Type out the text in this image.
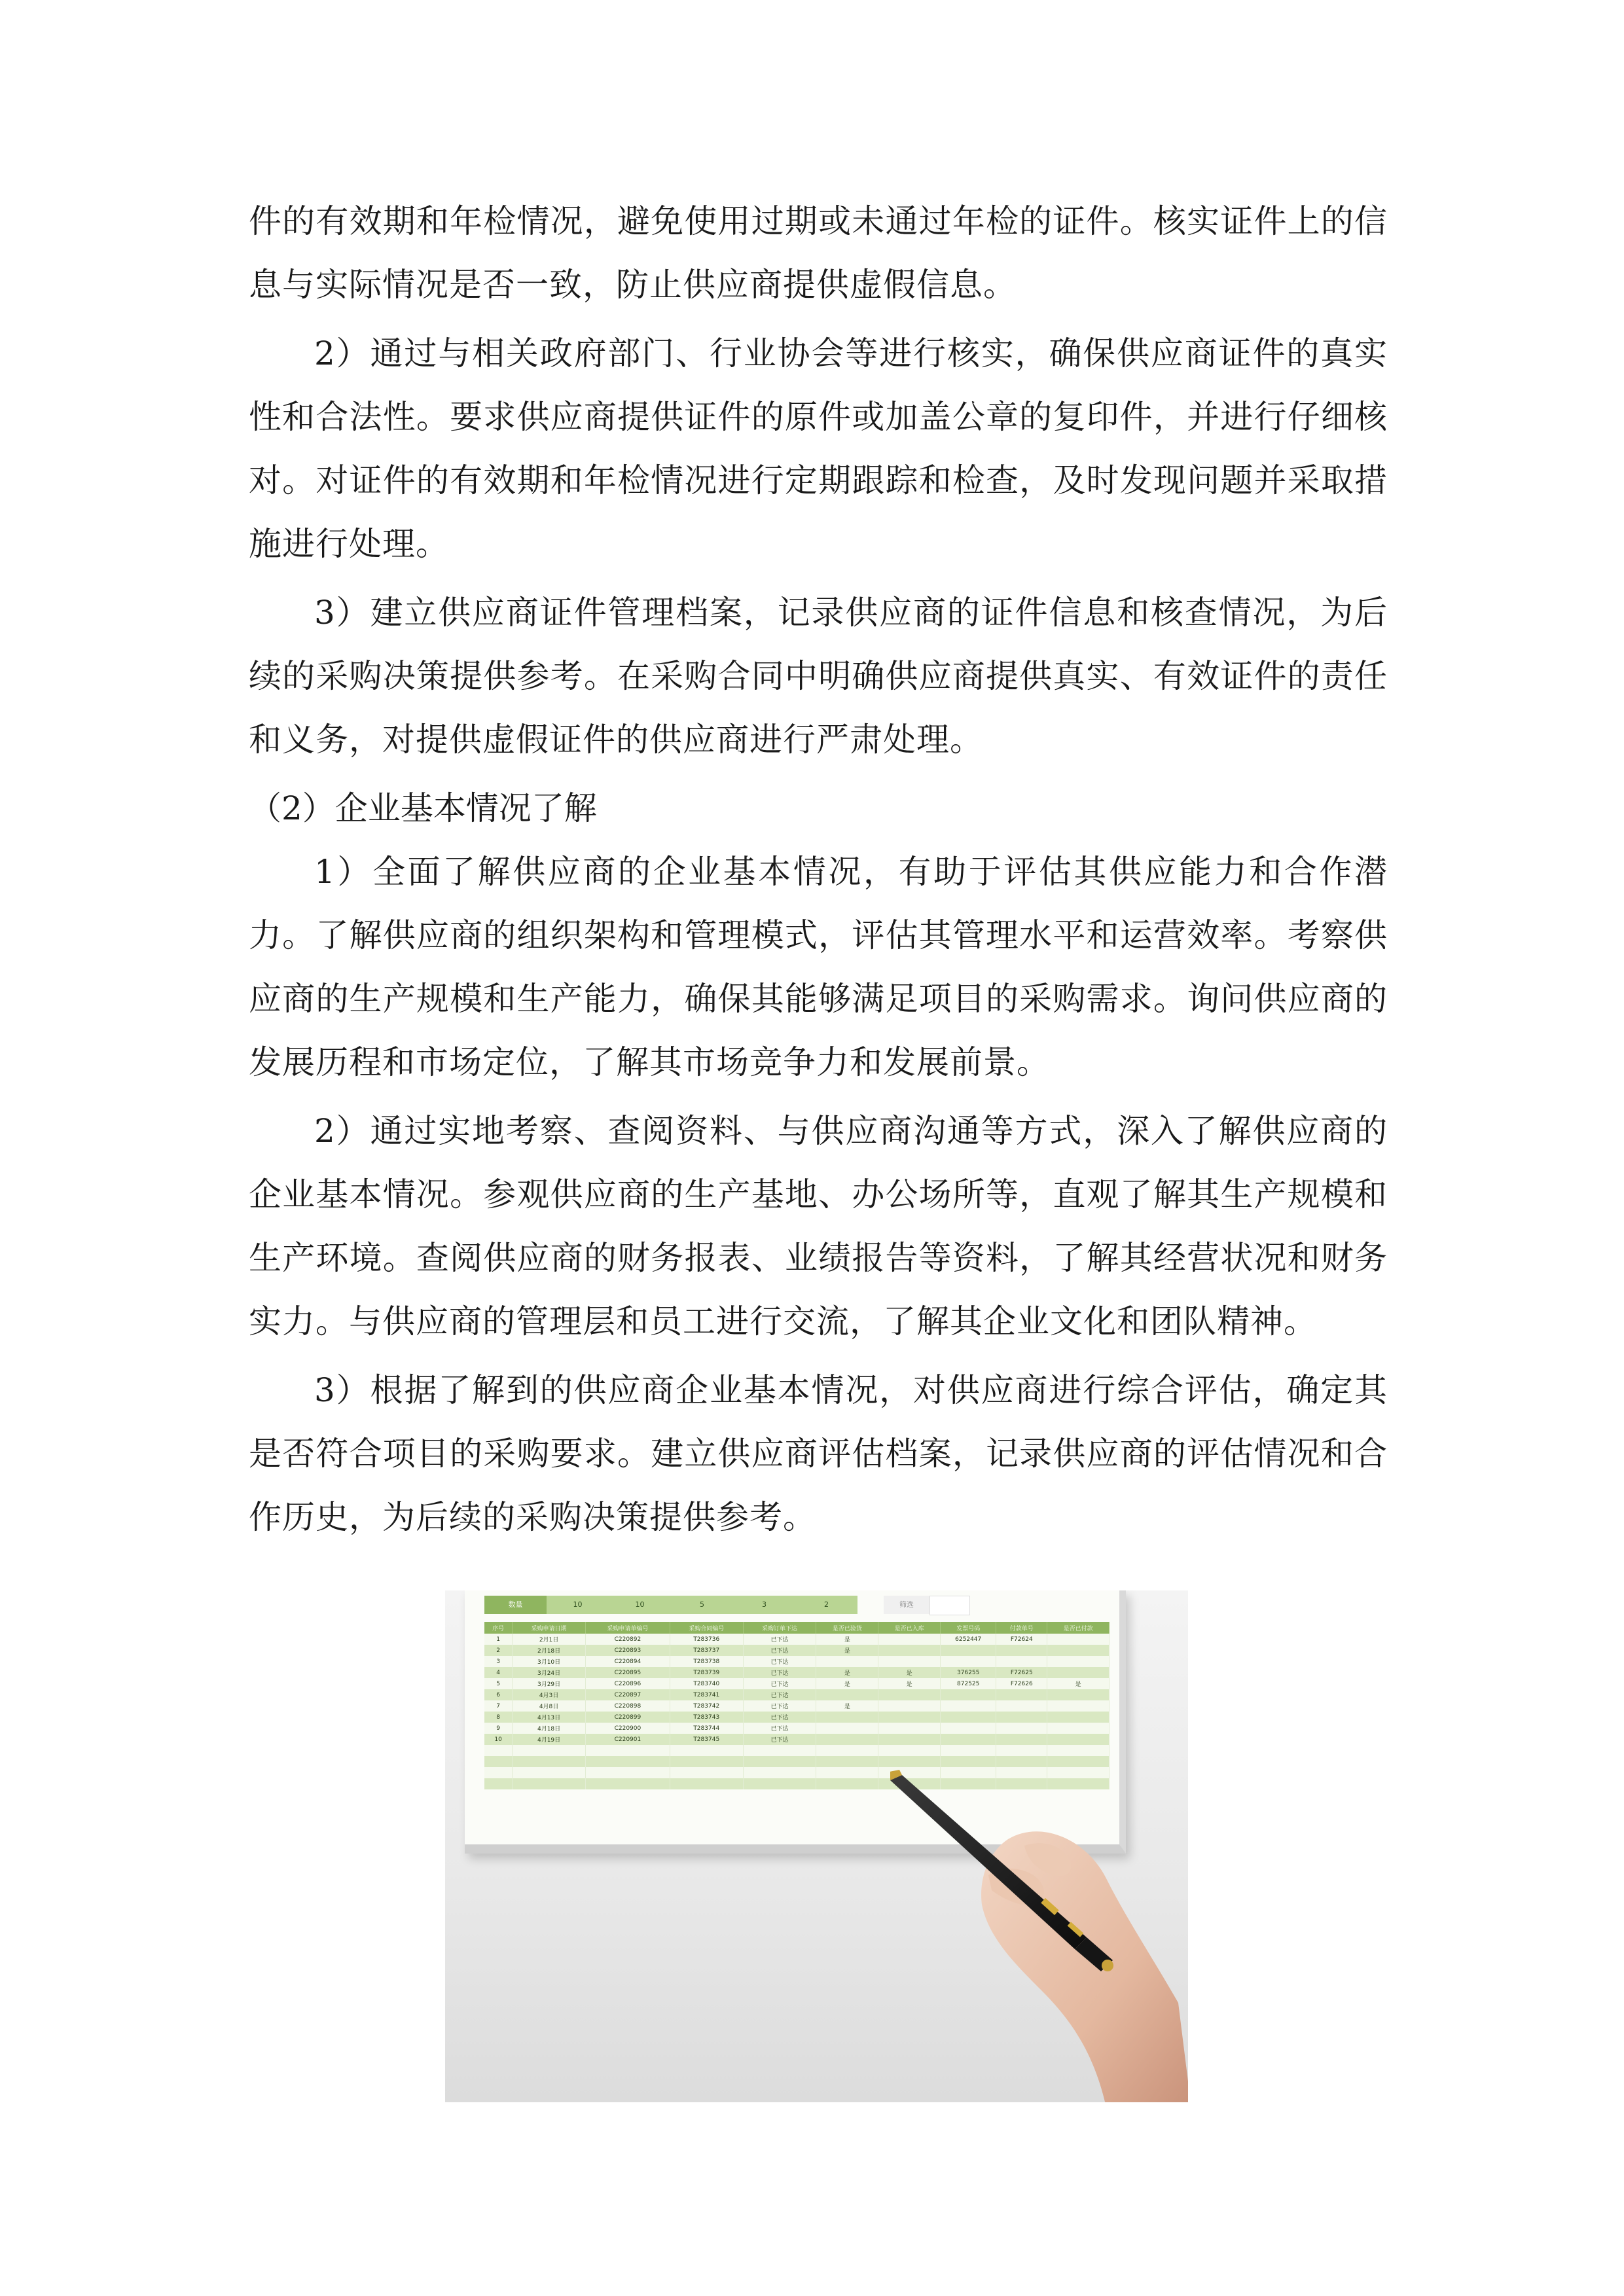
件的有效期和年检情况，避免使用过期或未通过年检的证件。核实证件上的信息与实际情况是否一致，防止供应商提供虚假信息。

2）通过与相关政府部门、行业协会等进行核实，确保供应商证件的真实性和合法性。要求供应商提供证件的原件或加盖公章的复印件，并进行仔细核对。对证件的有效期和年检情况进行定期跟踪和检查，及时发现问题并采取措施进行处理。

3）建立供应商证件管理档案，记录供应商的证件信息和核查情况，为后续的采购决策提供参考。在采购合同中明确供应商提供真实、有效证件的责任和义务，对提供虚假证件的供应商进行严肃处理。

（2）企业基本情况了解

1）全面了解供应商的企业基本情况，有助于评估其供应能力和合作潜力。了解供应商的组织架构和管理模式，评估其管理水平和运营效率。考察供应商的生产规模和生产能力，确保其能够满足项目的采购需求。询问供应商的发展历程和市场定位，了解其市场竞争力和发展前景。

2）通过实地考察、查阅资料、与供应商沟通等方式，深入了解供应商的企业基本情况。参观供应商的生产基地、办公场所等，直观了解其生产规模和生产环境。查阅供应商的财务报表、业绩报告等资料，了解其经营状况和财务实力。与供应商的管理层和员工进行交流，了解其企业文化和团队精神。

3）根据了解到的供应商企业基本情况，对供应商进行综合评估，确定其是否符合项目的采购要求。建立供应商评估档案，记录供应商的评估情况和合作历史，为后续的采购决策提供参考。

数量	10	10	5	3	2	筛选
序号	采购申请日期	采购申请单编号	采购合同编号	采购订单下达	是否已验货	是否已入库	发票号码	付款单号	是否已付款
1	2月1日	C220892	T283736	已下达	是		6252447	F72624	
2	2月18日	C220893	T283737	已下达	是				
3	3月10日	C220894	T283738	已下达					
4	3月24日	C220895	T283739	已下达	是	是	376255	F72625	
5	3月29日	C220896	T283740	已下达	是	是	872525	F72626	是
6	4月3日	C220897	T283741	已下达					
7	4月8日	C220898	T283742	已下达	是				
8	4月13日	C220899	T283743	已下达					
9	4月18日	C220900	T283744	已下达					
10	4月19日	C220901	T283745	已下达					
